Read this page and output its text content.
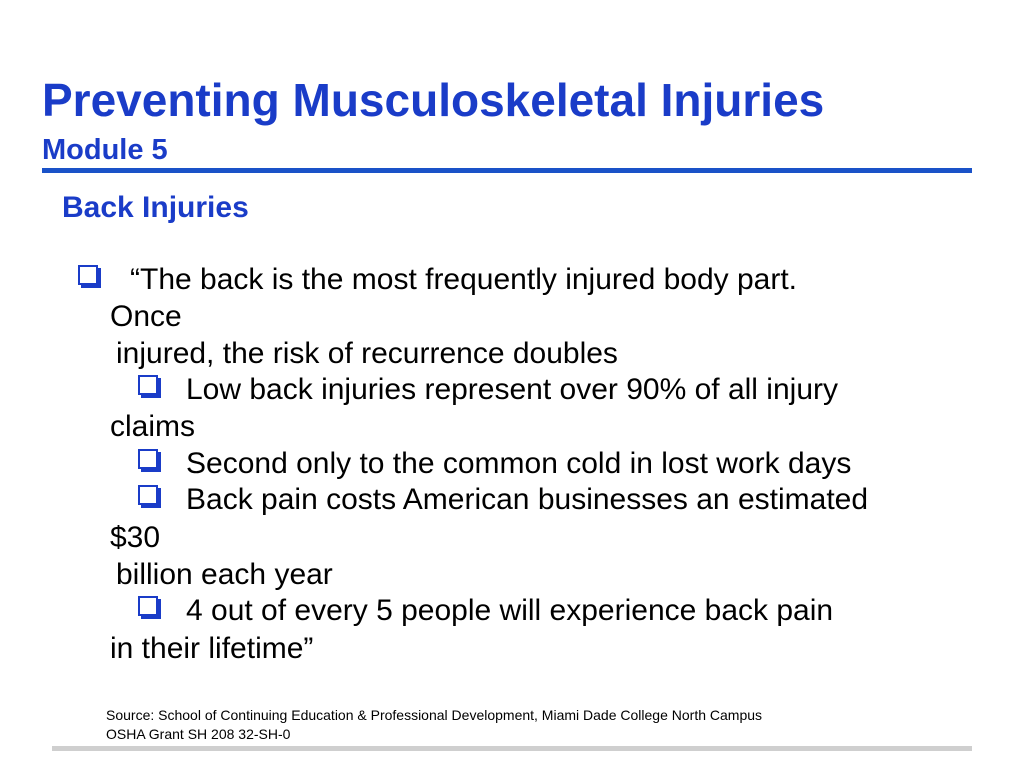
Preventing Musculoskeletal Injuries
Module 5
Back Injuries
“The back is the most frequently injured body part.
Once
injured, the risk of recurrence doubles
Low back injuries represent over 90% of all injury
claims
Second only to the common cold in lost work days
Back pain costs American businesses an estimated
$30
billion each year
4 out of every 5 people will experience back pain
in their lifetime”
Source: School of Continuing Education & Professional Development, Miami Dade College North Campus
OSHA Grant SH 208 32-SH-0
